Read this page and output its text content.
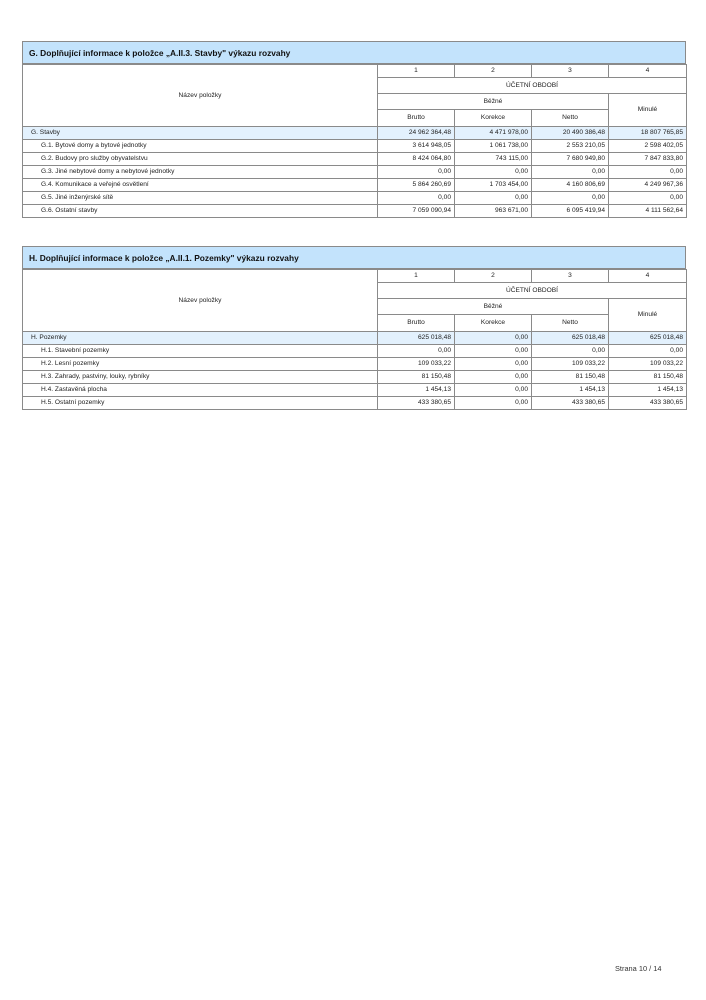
G. Doplňující informace k položce „A.II.3. Stavby" výkazu rozvahy
Název položky	1	2	3	4
	ÚČETNÍ OBDOBÍ			
	Běžné			Minulé
	Brutto	Korekce	Netto	
G. Stavby	24 962 364,48	4 471 978,00	20 490 386,48	18 807 765,85
G.1. Bytové domy a bytové jednotky	3 614 948,05	1 061 738,00	2 553 210,05	2 598 402,05
G.2. Budovy pro služby obyvatelstvu	8 424 064,80	743 115,00	7 680 949,80	7 847 833,80
G.3. Jiné nebytové domy a nebytové jednotky	0,00	0,00	0,00	0,00
G.4. Komunikace a veřejné osvětlení	5 864 260,69	1 703 454,00	4 160 806,69	4 249 967,36
G.5. Jiné inženýrské sítě	0,00	0,00	0,00	0,00
G.6. Ostatní stavby	7 059 090,94	963 671,00	6 095 419,94	4 111 562,64
H. Doplňující informace k položce „A.II.1. Pozemky" výkazu rozvahy
Název položky	1	2	3	4
	ÚČETNÍ OBDOBÍ			
	Běžné			Minulé
	Brutto	Korekce	Netto	
H. Pozemky	625 018,48	0,00	625 018,48	625 018,48
H.1. Stavební pozemky	0,00	0,00	0,00	0,00
H.2. Lesní pozemky	109 033,22	0,00	109 033,22	109 033,22
H.3. Zahrady, pastviny, louky, rybníky	81 150,48	0,00	81 150,48	81 150,48
H.4. Zastavěná plocha	1 454,13	0,00	1 454,13	1 454,13
H.5. Ostatní pozemky	433 380,65	0,00	433 380,65	433 380,65
Strana 10 / 14
